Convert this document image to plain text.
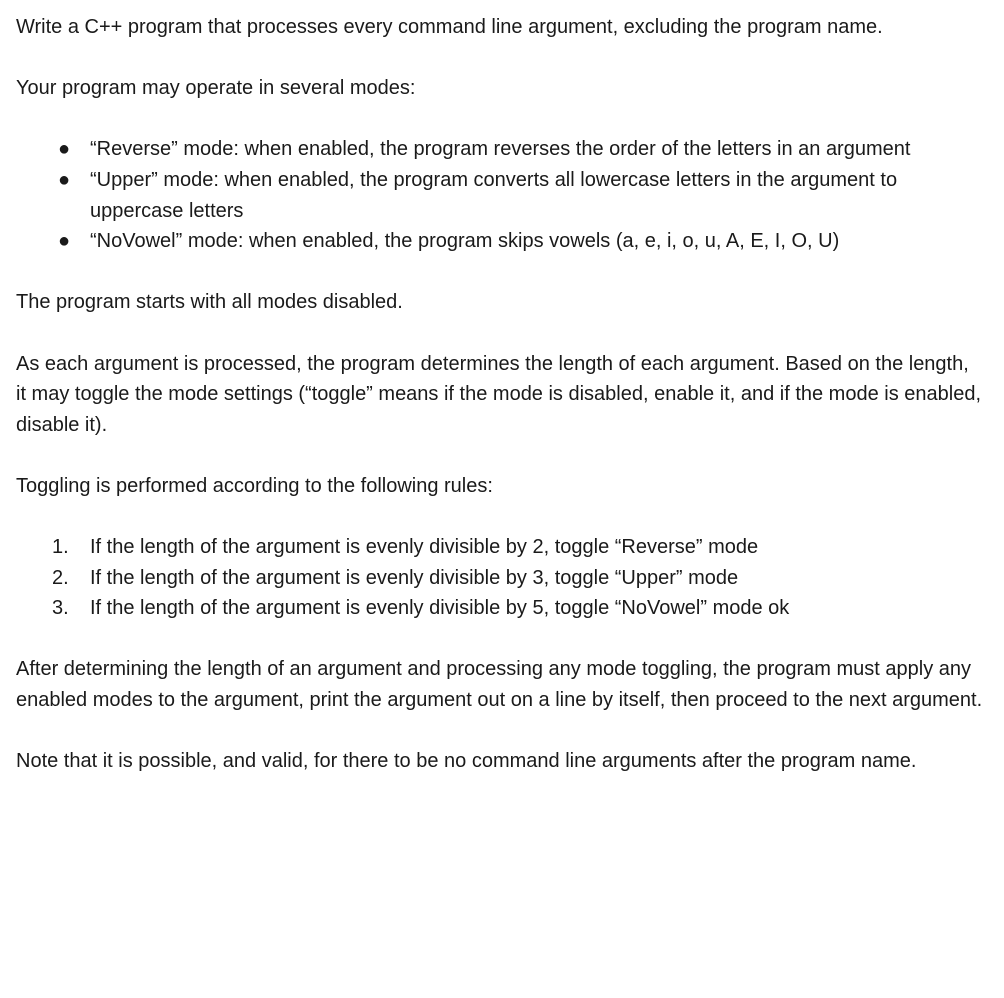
Write a C++ program that processes every command line argument, excluding the program name.

Your program may operate in several modes:

● “Reverse” mode: when enabled, the program reverses the order of the letters in an argument
● “Upper” mode: when enabled, the program converts all lowercase letters in the argument to uppercase letters
● “NoVowel” mode: when enabled, the program skips vowels (a, e, i, o, u, A, E, I, O, U)

The program starts with all modes disabled.

As each argument is processed, the program determines the length of each argument. Based on the length, it may toggle the mode settings (“toggle” means if the mode is disabled, enable it, and if the mode is enabled, disable it).

Toggling is performed according to the following rules:

1.	If the length of the argument is evenly divisible by 2, toggle “Reverse” mode
2.	If the length of the argument is evenly divisible by 3, toggle “Upper” mode
3.	If the length of the argument is evenly divisible by 5, toggle “NoVowel” mode ok

After determining the length of an argument and processing any mode toggling, the program must apply any enabled modes to the argument, print the argument out on a line by itself, then proceed to the next argument.

Note that it is possible, and valid, for there to be no command line arguments after the program name.
